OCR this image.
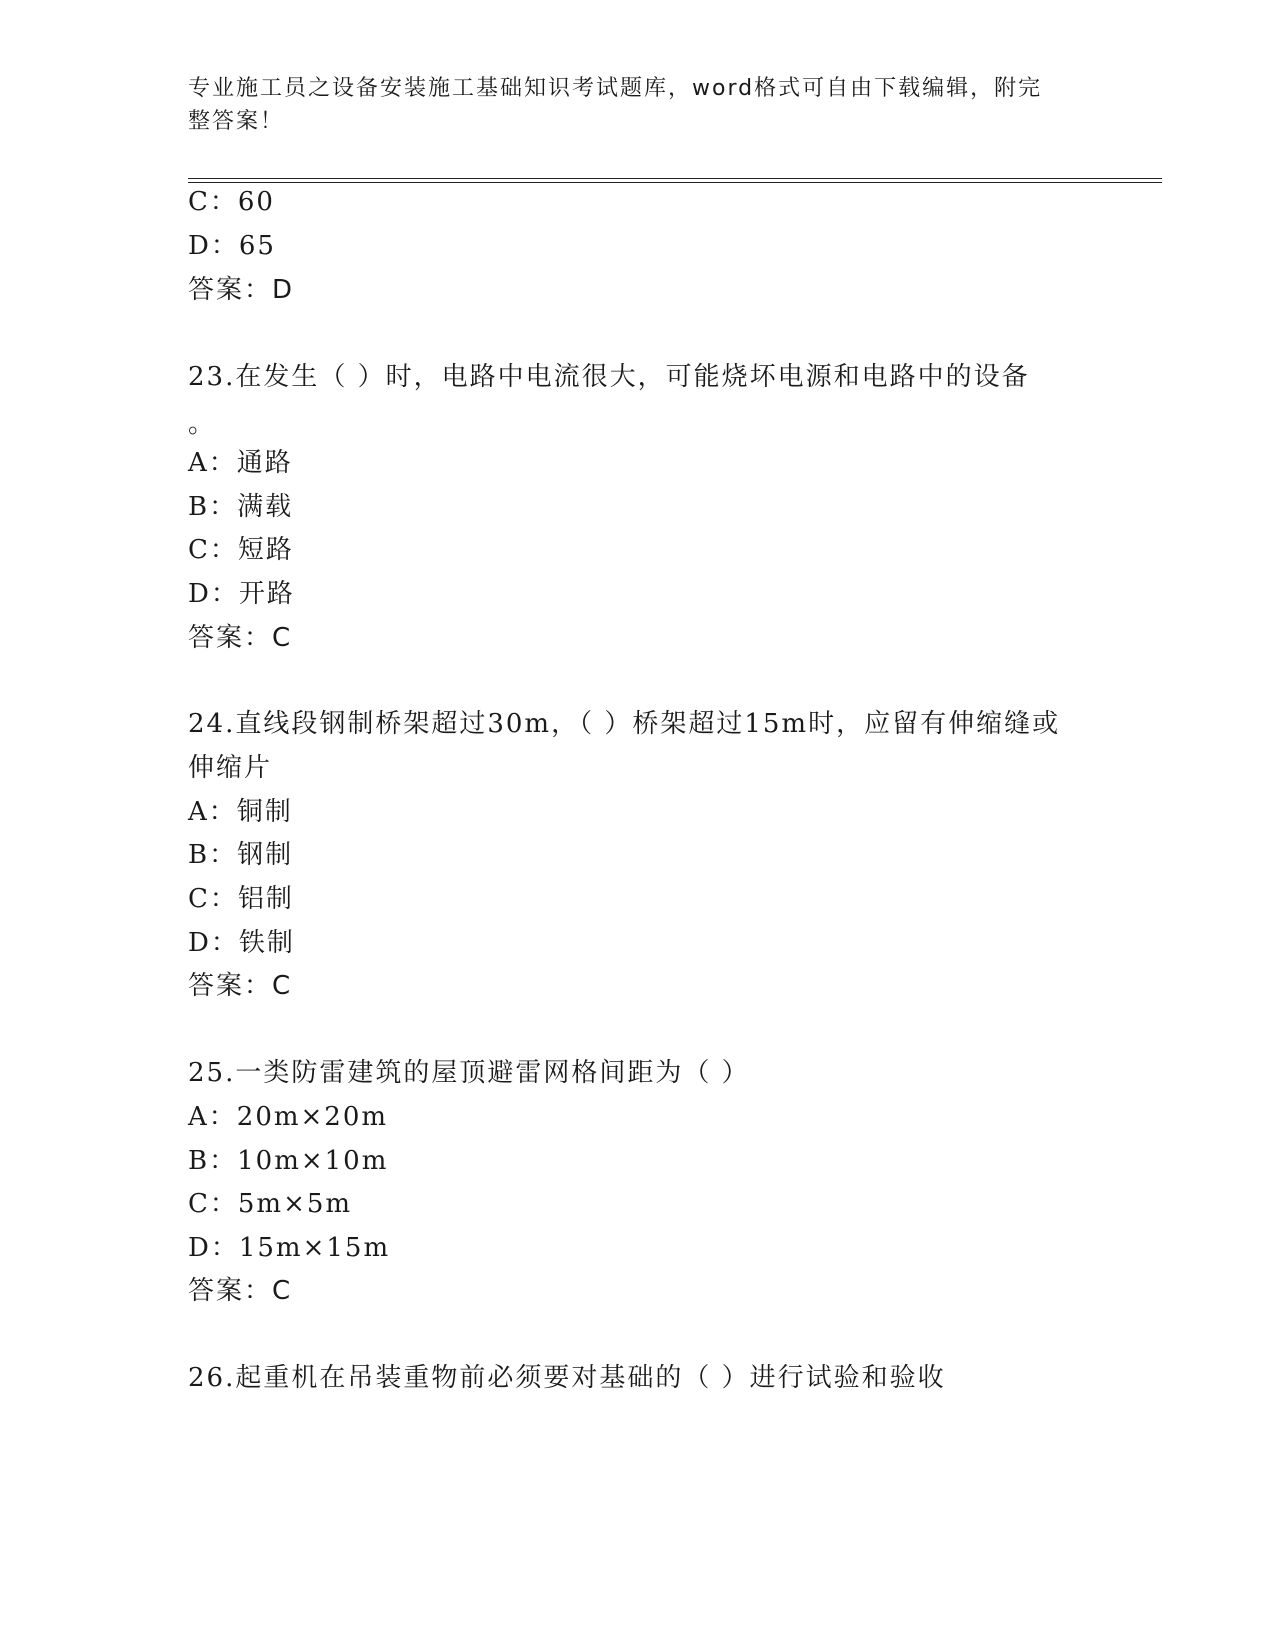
专业施工员之设备安装施工基础知识考试题库，word格式可自由下载编辑，附完
整答案！
C：60
D：65
答案：D
23.在发生（ ）时，电路中电流很大，可能烧坏电源和电路中的设备
。
A：通路
B：满载
C：短路
D：开路
答案：C
24.直线段钢制桥架超过30m，（ ）桥架超过15m时，应留有伸缩缝或
伸缩片
A：铜制
B：钢制
C：铝制
D：铁制
答案：C
25.一类防雷建筑的屋顶避雷网格间距为（ ）
A：20m×20m
B：10m×10m
C：5m×5m
D：15m×15m
答案：C
26.起重机在吊装重物前必须要对基础的（ ）进行试验和验收
